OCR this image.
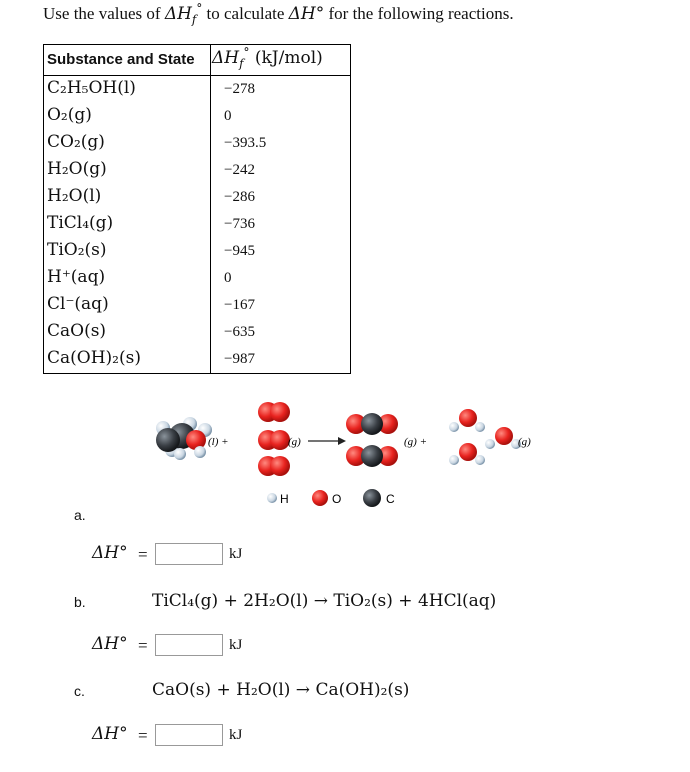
Use the values of $\Delta H_f^\circ$ to calculate ΔH° for the following reactions.
Substance and State $\Delta H_f^\circ$ (kJ/mol)
C₂H₅OH(l)	−278
O₂(g)	0
CO₂(g)	−393.5
H₂O(g)	−242
H₂O(l)	−286
TiCl₄(g)	−736
TiO₂(s)	−945
H⁺(aq)	0
Cl⁻(aq)	−167
CaO(s)	−635
Ca(OH)₂(s)	−987
(l) +	(g)	(g) +	(g)
H	O	C
a.
ΔH° =	kJ
b.	TiCl₄(g) + 2H₂O(l) → TiO₂(s) + 4HCl(aq)
ΔH° =	kJ
c.	CaO(s) + H₂O(l) → Ca(OH)₂(s)
ΔH° =	kJ
